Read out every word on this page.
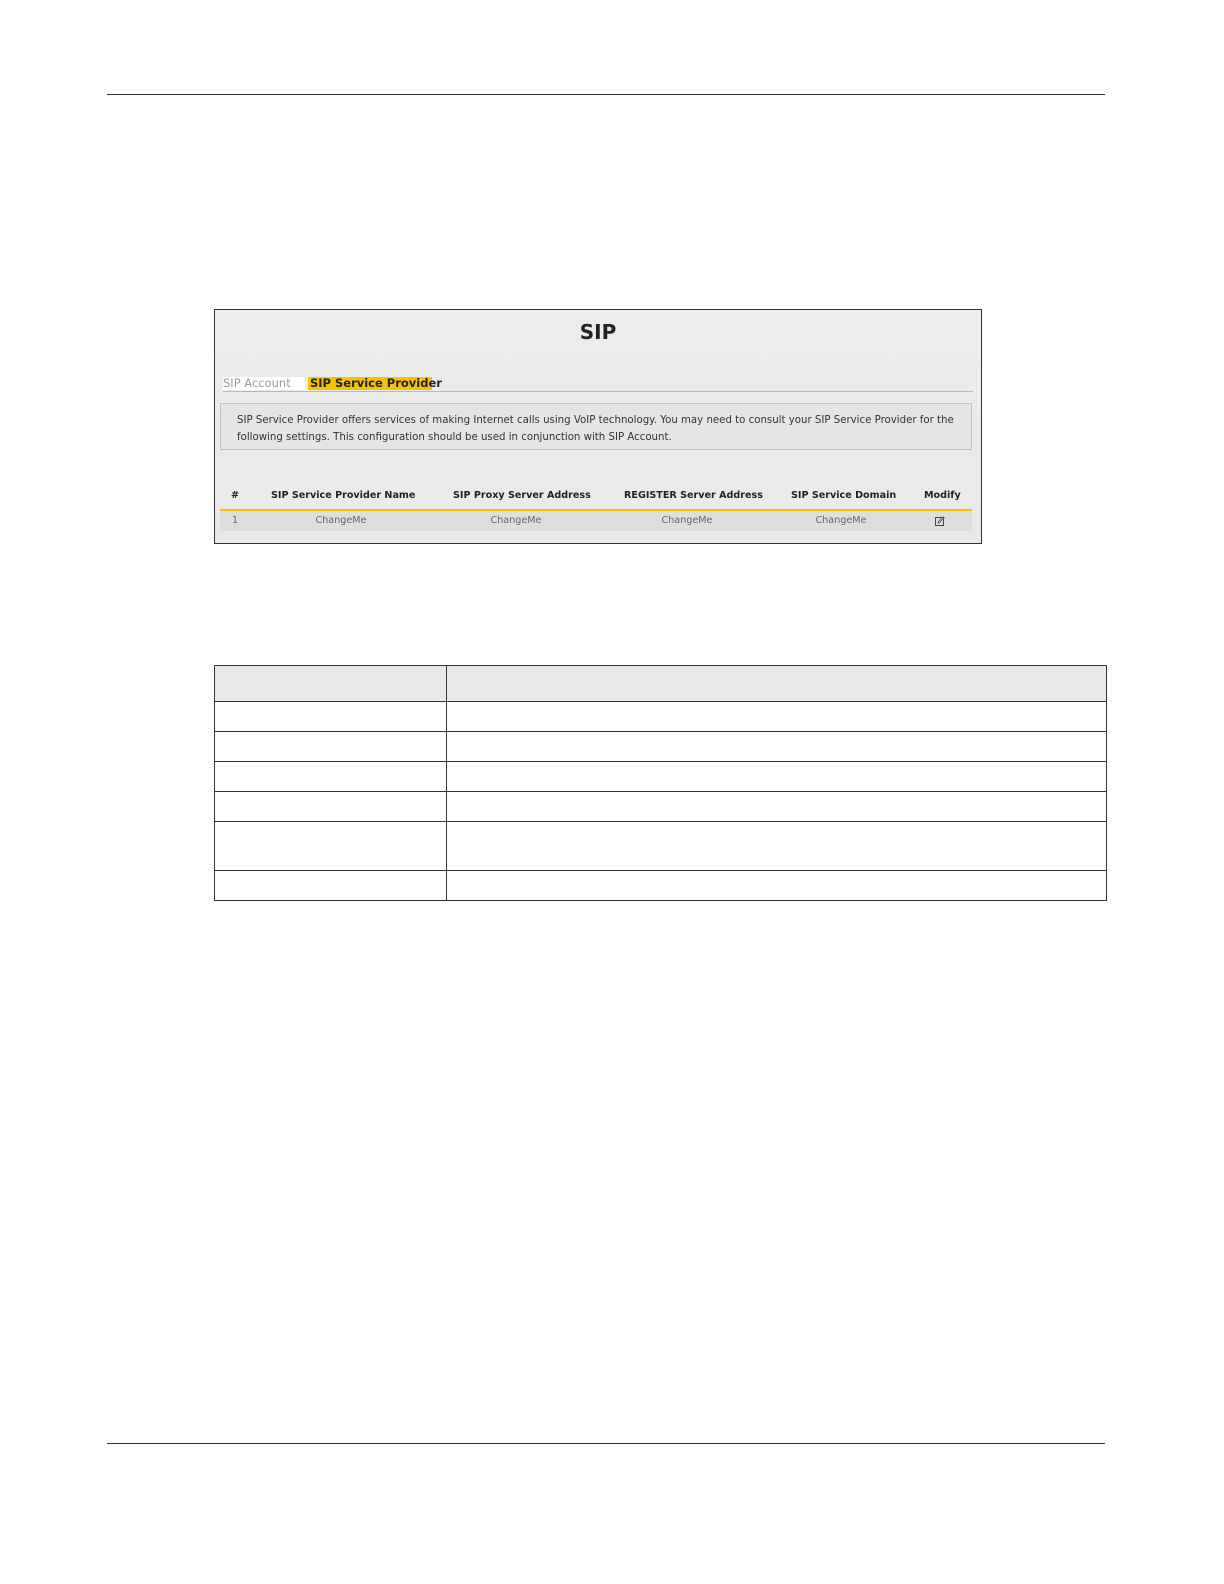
SIP
SIP Account	SIP Service Provider
SIP Service Provider offers services of making Internet calls using VoIP technology. You may need to consult your SIP Service Provider for the
following settings. This configuration should be used in conjunction with SIP Account.
#	SIP Service Provider Name	SIP Proxy Server Address	REGISTER Server Address	SIP Service Domain	Modify
1	ChangeMe	ChangeMe	ChangeMe	ChangeMe
